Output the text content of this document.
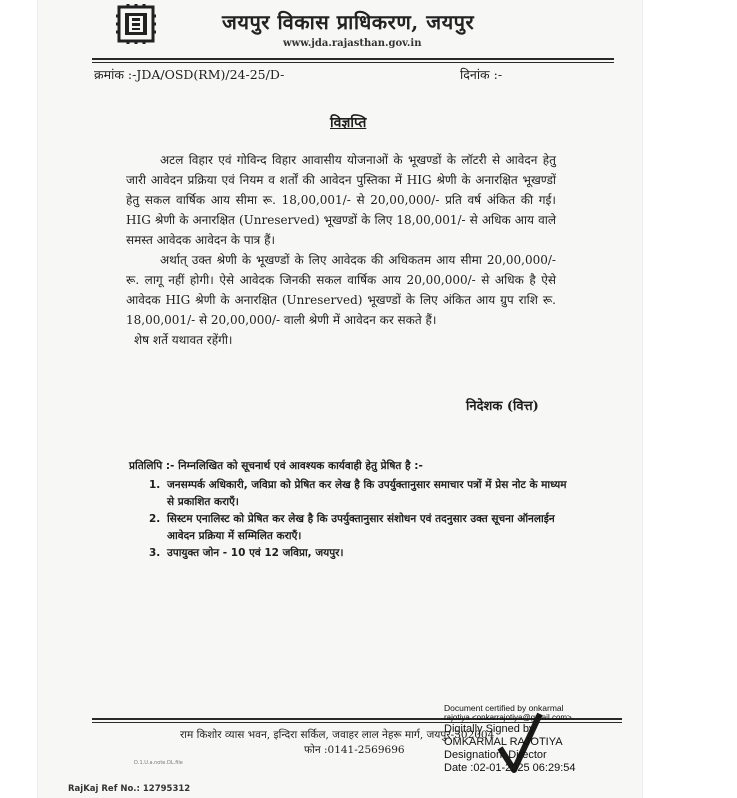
जयपुर विकास प्राधिकरण, जयपुर
www.jda.rajasthan.gov.in
क्रमांक :-JDA/OSD(RM)/24-25/D-	दिनांक :-
विज्ञप्ति

अटल विहार एवं गोविन्द विहार आवासीय योजनाओं के भूखण्डों के लॉटरी से आवेदन हेतु जारी आवेदन प्रक्रिया एवं नियम व शर्तों की आवेदन पुस्तिका में HIG श्रेणी के अनारक्षित भूखण्डों हेतु सकल वार्षिक आय सीमा रू. 18,00,001/- से 20,00,000/- प्रति वर्ष अंकित की गई। HIG श्रेणी के अनारक्षित (Unreserved) भूखण्डों के लिए 18,00,001/- से अधिक आय वाले समस्त आवेदक आवेदन के पात्र हैं।

अर्थात् उक्त श्रेणी के भूखण्डों के लिए आवेदक की अधिकतम आय सीमा 20,00,000/- रू. लागू नहीं होगी। ऐसे आवेदक जिनकी सकल वार्षिक आय 20,00,000/- से अधिक है ऐसे आवेदक HIG श्रेणी के अनारक्षित (Unreserved) भूखण्डों के लिए अंकित आय ग्रुप राशि रू. 18,00,001/- से 20,00,000/- वाली श्रेणी में आवेदन कर सकते हैं।

शेष शर्ते यथावत रहेंगी।

निदेशक (वित्त)

प्रतिलिपि :- निम्नलिखित को सूचनार्थ एवं आवश्यक कार्यवाही हेतु प्रेषित है :-

1. जनसम्पर्क अधिकारी, जविप्रा को प्रेषित कर लेख है कि उपर्युक्तानुसार समाचार पत्रों में प्रेस नोट के माध्यम से प्रकाशित कराएँ।
2. सिस्टम एनालिस्ट को प्रेषित कर लेख है कि उपर्युक्तानुसार संशोधन एवं तदनुसार उक्त सूचना ऑनलाईन आवेदन प्रक्रिया में सम्मिलित कराएँ।
3. उपायुक्त जोन - 10 एवं 12 जविप्रा, जयपुर।
राम किशोर व्यास भवन, इन्दिरा सर्किल, जवाहर लाल नेहरू मार्ग, जयपुर-302004
फोन :0141-2569696
D.1.U.a.note.DL.file
RajKaj Ref No.: 12795312
Document certified by onkarmal
rajotiya <onkarrajotiya@gmail.com>.
Digitally Signed by
OMKARMAL RAJOTIYA
Designation: Director
Date :02-01-2025 06:29:54
